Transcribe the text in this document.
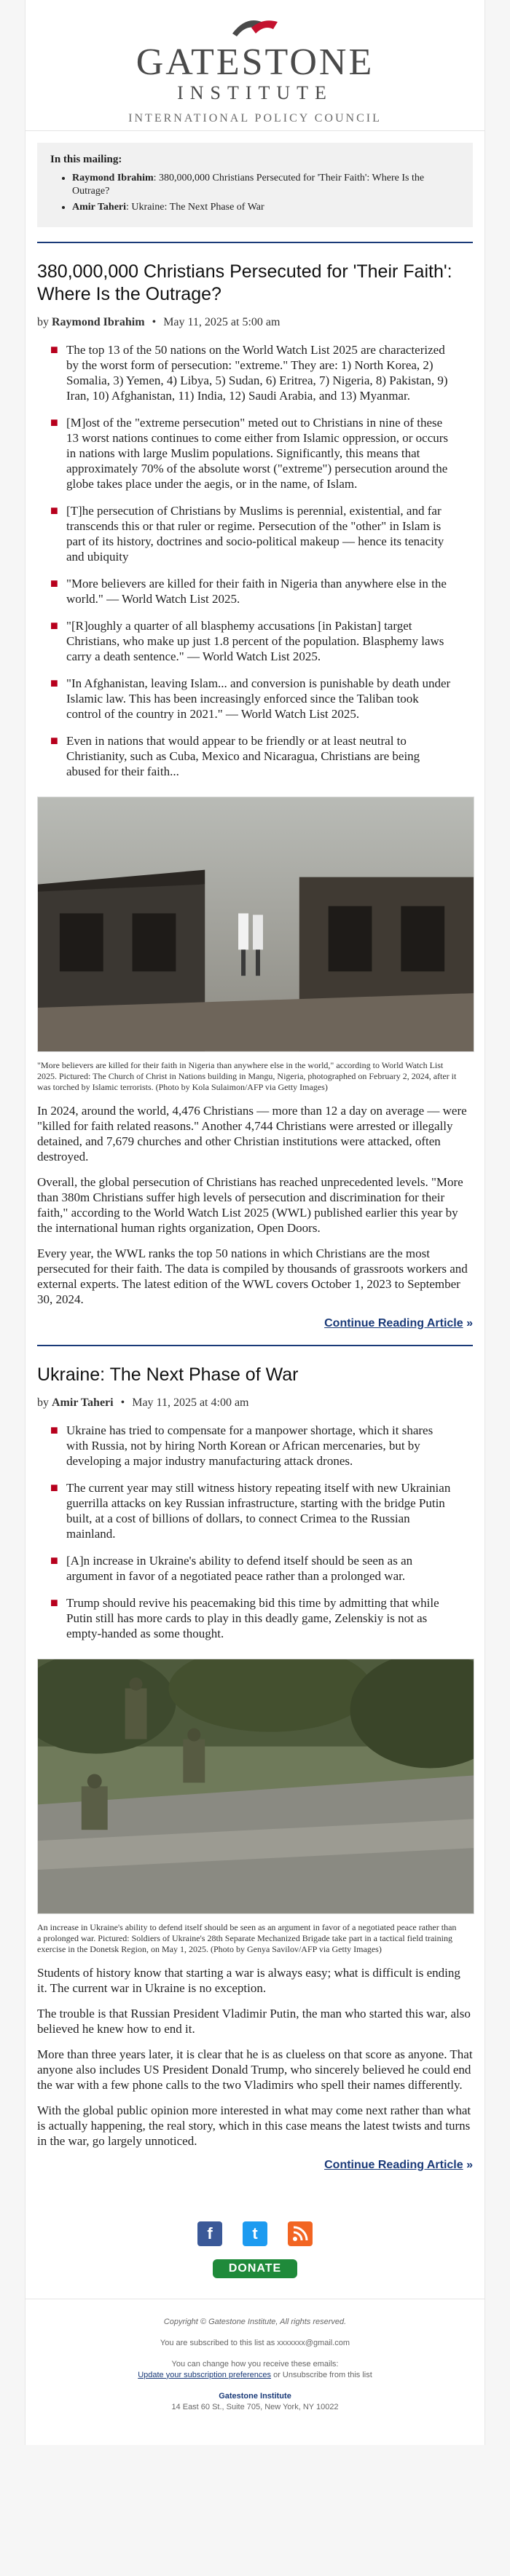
GATESTONE
INSTITUTE
INTERNATIONAL POLICY COUNCIL
In this mailing:
• Raymond Ibrahim: 380,000,000 Christians Persecuted for 'Their Faith': Where Is the Outrage?
• Amir Taheri: Ukraine: The Next Phase of War
380,000,000 Christians Persecuted for 'Their Faith': Where Is the Outrage?
by Raymond Ibrahim • May 11, 2025 at 5:00 am
■ The top 13 of the 50 nations on the World Watch List 2025 are characterized by the worst form of persecution: "extreme." They are: 1) North Korea, 2) Somalia, 3) Yemen, 4) Libya, 5) Sudan, 6) Eritrea, 7) Nigeria, 8) Pakistan, 9) Iran, 10) Afghanistan, 11) India, 12) Saudi Arabia, and 13) Myanmar.
■ [M]ost of the "extreme persecution" meted out to Christians in nine of these 13 worst nations continues to come either from Islamic oppression, or occurs in nations with large Muslim populations. Significantly, this means that approximately 70% of the absolute worst ("extreme") persecution around the globe takes place under the aegis, or in the name, of Islam.
■ [T]he persecution of Christians by Muslims is perennial, existential, and far transcends this or that ruler or regime. Persecution of the "other" in Islam is part of its history, doctrines and socio-political makeup — hence its tenacity and ubiquity
■ "More believers are killed for their faith in Nigeria than anywhere else in the world." — World Watch List 2025.
■ "[R]oughly a quarter of all blasphemy accusations [in Pakistan] target Christians, who make up just 1.8 percent of the population. Blasphemy laws carry a death sentence." — World Watch List 2025.
■ "In Afghanistan, leaving Islam... and conversion is punishable by death under Islamic law. This has been increasingly enforced since the Taliban took control of the country in 2021." — World Watch List 2025.
■ Even in nations that would appear to be friendly or at least neutral to Christianity, such as Cuba, Mexico and Nicaragua, Christians are being abused for their faith...
"More believers are killed for their faith in Nigeria than anywhere else in the world," according to World Watch List 2025. Pictured: The Church of Christ in Nations building in Mangu, Nigeria, photographed on February 2, 2024, after it was torched by Islamic terrorists. (Photo by Kola Sulaimon/AFP via Getty Images)

In 2024, around the world, 4,476 Christians — more than 12 a day on average — were "killed for faith related reasons." Another 4,744 Christians were arrested or illegally detained, and 7,679 churches and other Christian institutions were attacked, often destroyed.

Overall, the global persecution of Christians has reached unprecedented levels. "More than 380m Christians suffer high levels of persecution and discrimination for their faith," according to the World Watch List 2025 (WWL) published earlier this year by the international human rights organization, Open Doors.

Every year, the WWL ranks the top 50 nations in which Christians are the most persecuted for their faith. The data is compiled by thousands of grassroots workers and external experts. The latest edition of the WWL covers October 1, 2023 to September 30, 2024.

Continue Reading Article »
Ukraine: The Next Phase of War
by Amir Taheri • May 11, 2025 at 4:00 am
■ Ukraine has tried to compensate for a manpower shortage, which it shares with Russia, not by hiring North Korean or African mercenaries, but by developing a major industry manufacturing attack drones.
■ The current year may still witness history repeating itself with new Ukrainian guerrilla attacks on key Russian infrastructure, starting with the bridge Putin built, at a cost of billions of dollars, to connect Crimea to the Russian mainland.
■ [A]n increase in Ukraine's ability to defend itself should be seen as an argument in favor of a negotiated peace rather than a prolonged war.
■ Trump should revive his peacemaking bid this time by admitting that while Putin still has more cards to play in this deadly game, Zelenskiy is not as empty-handed as some thought.
An increase in Ukraine's ability to defend itself should be seen as an argument in favor of a negotiated peace rather than a prolonged war. Pictured: Soldiers of Ukraine's 28th Separate Mechanized Brigade take part in a tactical field training exercise in the Donetsk Region, on May 1, 2025. (Photo by Genya Savilov/AFP via Getty Images)

Students of history know that starting a war is always easy; what is difficult is ending it. The current war in Ukraine is no exception.

The trouble is that Russian President Vladimir Putin, the man who started this war, also believed he knew how to end it.

More than three years later, it is clear that he is as clueless on that score as anyone. That anyone also includes US President Donald Trump, who sincerely believed he could end the war with a few phone calls to the two Vladimirs who spell their names differently.

With the global public opinion more interested in what may come next rather than what is actually happening, the real story, which in this case means the latest twists and turns in the war, go largely unnoticed.

Continue Reading Article »
f	t
DONATE

Copyright © Gatestone Institute, All rights reserved.

You are subscribed to this list as xxxxxxx@gmail.com

You can change how you receive these emails:

Update your subscription preferences or Unsubscribe from this list

Gatestone Institute

14 East 60 St., Suite 705, New York, NY 10022
